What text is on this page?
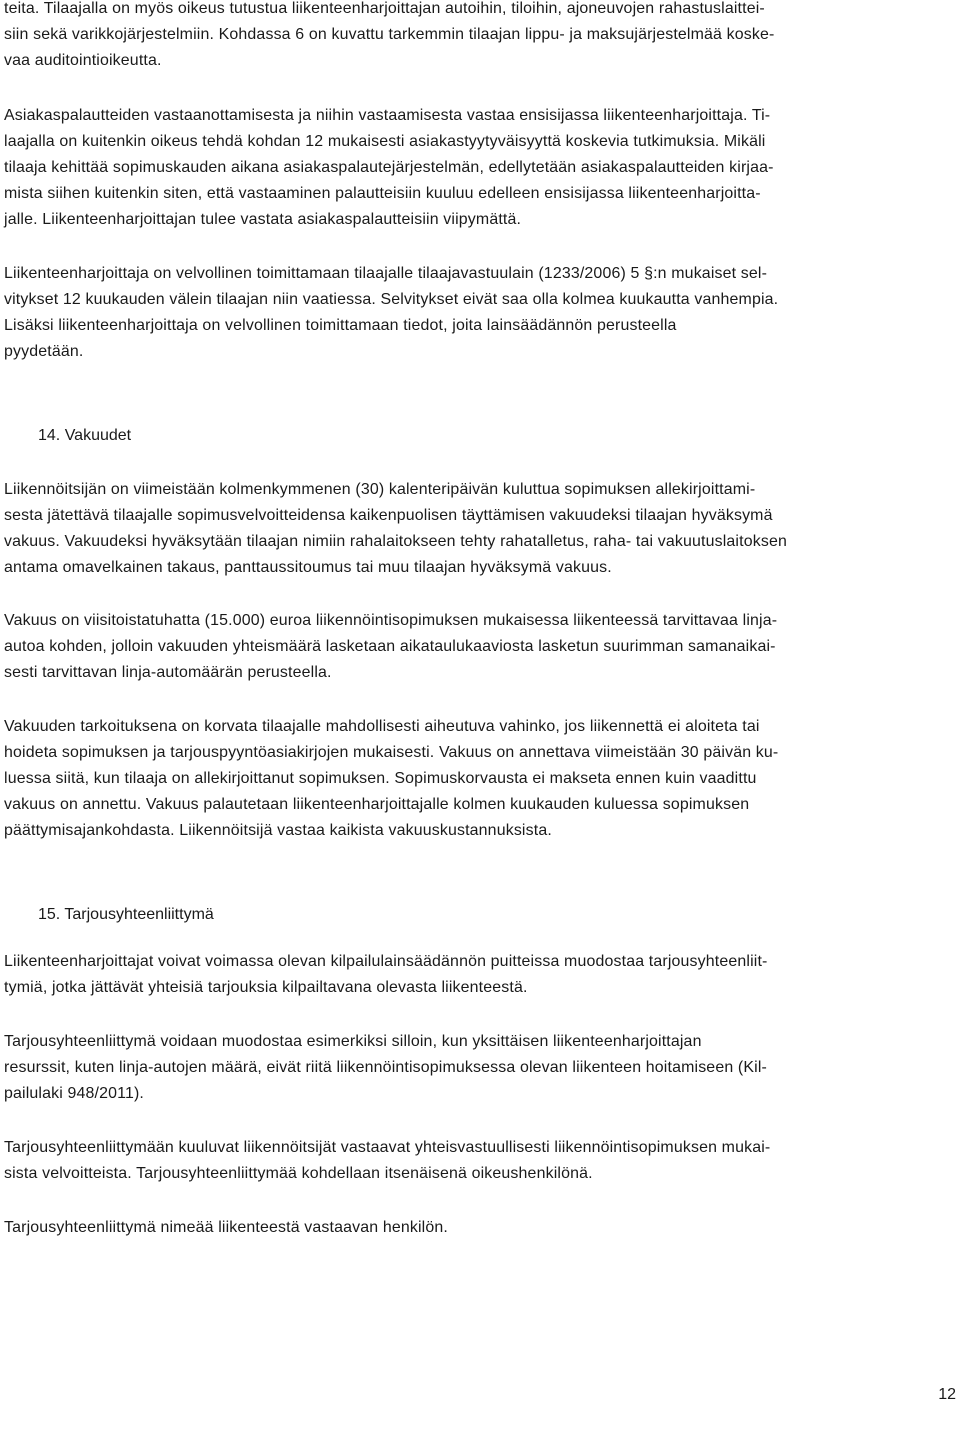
teita. Tilaajalla on myös oikeus tutustua liikenteenharjoittajan autoihin, tiloihin, ajoneuvojen rahastuslaittei-
siin sekä varikkojärjestelmiin. Kohdassa 6 on kuvattu tarkemmin tilaajan lippu- ja maksujärjestelmää koske-
vaa auditointioikeutta.

Asiakaspalautteiden vastaanottamisesta ja niihin vastaamisesta vastaa ensisijassa liikenteenharjoittaja. Ti-
laajalla on kuitenkin oikeus tehdä kohdan 12 mukaisesti asiakastyytyväisyyttä koskevia tutkimuksia. Mikäli
tilaaja kehittää sopimuskauden aikana asiakaspalautejärjestelmän, edellytetään asiakaspalautteiden kirjaa-
mista siihen kuitenkin siten, että vastaaminen palautteisiin kuuluu edelleen ensisijassa liikenteenharjoitta-
jalle. Liikenteenharjoittajan tulee vastata asiakaspalautteisiin viipymättä.

Liikenteenharjoittaja on velvollinen toimittamaan tilaajalle tilaajavastuulain (1233/2006) 5 §:n mukaiset sel-
vitykset 12 kuukauden välein tilaajan niin vaatiessa. Selvitykset eivät saa olla kolmea kuukautta vanhempia.
Lisäksi liikenteenharjoittaja on velvollinen toimittamaan tiedot, joita lainsäädännön perusteella
pyydetään.

14. Vakuudet

Liikennöitsijän on viimeistään kolmenkymmenen (30) kalenteripäivän kuluttua sopimuksen allekirjoittami-
sesta jätettävä tilaajalle sopimusvelvoitteidensa kaikenpuolisen täyttämisen vakuudeksi tilaajan hyväksymä
vakuus. Vakuudeksi hyväksytään tilaajan nimiin rahalaitokseen tehty rahatalletus, raha- tai vakuutuslaitoksen
antama omavelkainen takaus, panttaussitoumus tai muu tilaajan hyväksymä vakuus.

Vakuus on viisitoistatuhatta (15.000) euroa liikennöintisopimuksen mukaisessa liikenteessä tarvittavaa linja-
autoa kohden, jolloin vakuuden yhteismäärä lasketaan aikataulukaaviosta lasketun suurimman samanaikai-
sesti tarvittavan linja-automäärän perusteella.

Vakuuden tarkoituksena on korvata tilaajalle mahdollisesti aiheutuva vahinko, jos liikennettä ei aloiteta tai
hoideta sopimuksen ja tarjouspyyntöasiakirjojen mukaisesti. Vakuus on annettava viimeistään 30 päivän ku-
luessa siitä, kun tilaaja on allekirjoittanut sopimuksen. Sopimuskorvausta ei makseta ennen kuin vaadittu
vakuus on annettu. Vakuus palautetaan liikenteenharjoittajalle kolmen kuukauden kuluessa sopimuksen
päättymisajankohdasta. Liikennöitsijä vastaa kaikista vakuuskustannuksista.

15. Tarjousyhteenliittymä

Liikenteenharjoittajat voivat voimassa olevan kilpailulainsäädännön puitteissa muodostaa tarjousyhteenliit-
tymiä, jotka jättävät yhteisiä tarjouksia kilpailtavana olevasta liikenteestä.

Tarjousyhteenliittymä voidaan muodostaa esimerkiksi silloin, kun yksittäisen liikenteenharjoittajan
resurssit, kuten linja-autojen määrä, eivät riitä liikennöintisopimuksessa olevan liikenteen hoitamiseen (Kil-
pailulaki 948/2011).

Tarjousyhteenliittymään kuuluvat liikennöitsijät vastaavat yhteisvastuullisesti liikennöintisopimuksen mukai-
sista velvoitteista. Tarjousyhteenliittymää kohdellaan itsenäisenä oikeushenkilönä.

Tarjousyhteenliittymä nimeää liikenteestä vastaavan henkilön.

12
